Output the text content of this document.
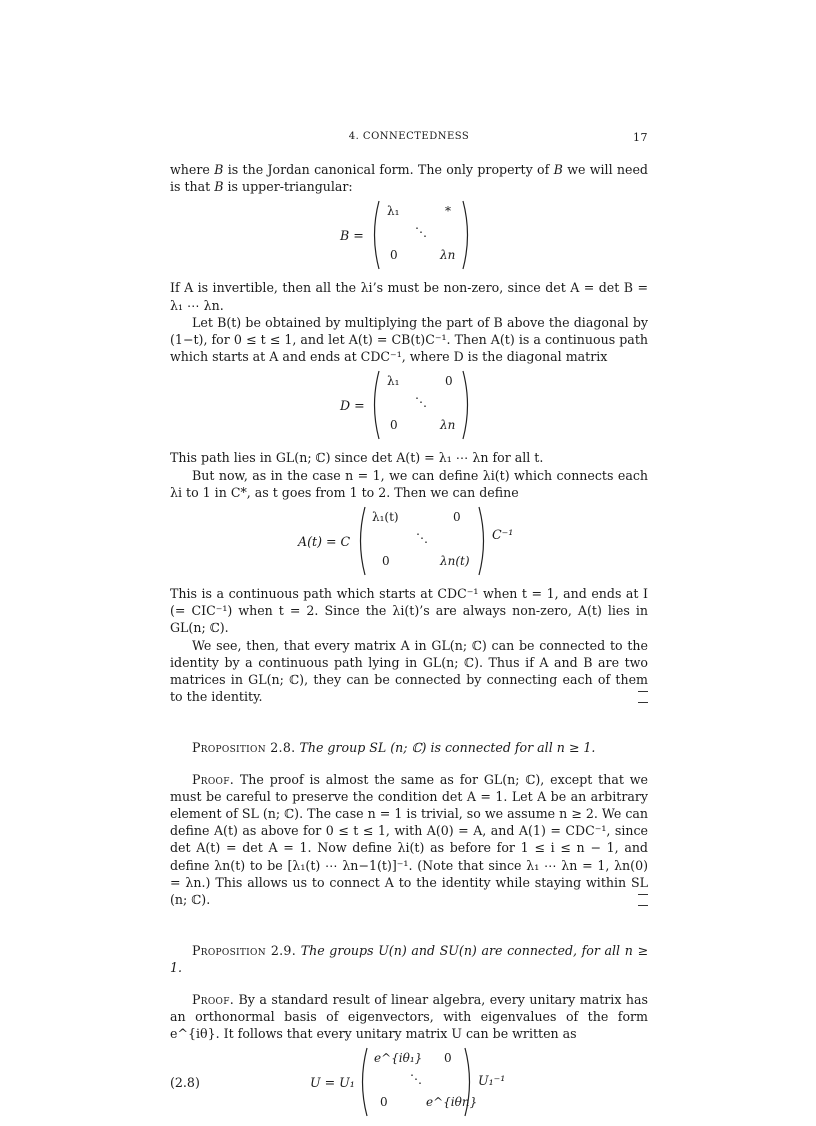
4. CONNECTEDNESS	17

where B is the Jordan canonical form. The only property of B we will need is that B is upper-triangular:

B =
λ₁	*
⋱
0	λn

If A is invertible, then all the λi’s must be non-zero, since det A = det B = λ₁ ⋯ λn.

Let B(t) be obtained by multiplying the part of B above the diagonal by (1−t), for 0 ≤ t ≤ 1, and let A(t) = CB(t)C⁻¹. Then A(t) is a continuous path which starts at A and ends at CDC⁻¹, where D is the diagonal matrix

D =
λ₁	0
⋱
0	λn

This path lies in GL(n; ℂ) since det A(t) = λ₁ ⋯ λn for all t.

But now, as in the case n = 1, we can define λi(t) which connects each λi to 1 in C*, as t goes from 1 to 2. Then we can define

A(t) = C
λ₁(t)	0
⋱
0	λn(t)
C⁻¹

This is a continuous path which starts at CDC⁻¹ when t = 1, and ends at I (= CIC⁻¹) when t = 2. Since the λi(t)’s are always non-zero, A(t) lies in GL(n; ℂ).

We see, then, that every matrix A in GL(n; ℂ) can be connected to the identity by a continuous path lying in GL(n; ℂ). Thus if A and B are two matrices in GL(n; ℂ), they can be connected by connecting each of them to the identity.

Proposition 2.8. The group SL (n; ℂ) is connected for all n ≥ 1.

Proof. The proof is almost the same as for GL(n; ℂ), except that we must be careful to preserve the condition det A = 1. Let A be an arbitrary element of SL (n; ℂ). The case n = 1 is trivial, so we assume n ≥ 2. We can define A(t) as above for 0 ≤ t ≤ 1, with A(0) = A, and A(1) = CDC⁻¹, since det A(t) = det A = 1. Now define λi(t) as before for 1 ≤ i ≤ n − 1, and define λn(t) to be [λ₁(t) ⋯ λn−1(t)]⁻¹. (Note that since λ₁ ⋯ λn = 1, λn(0) = λn.) This allows us to connect A to the identity while staying within SL (n; ℂ).

Proposition 2.9. The groups U(n) and SU(n) are connected, for all n ≥ 1.

Proof. By a standard result of linear algebra, every unitary matrix has an orthonormal basis of eigenvectors, with eigenvalues of the form e^{iθ}. It follows that every unitary matrix U can be written as

(2.8)	U = U₁
e^{iθ₁} 0
⋱
0	e^{iθn}
U₁⁻¹
